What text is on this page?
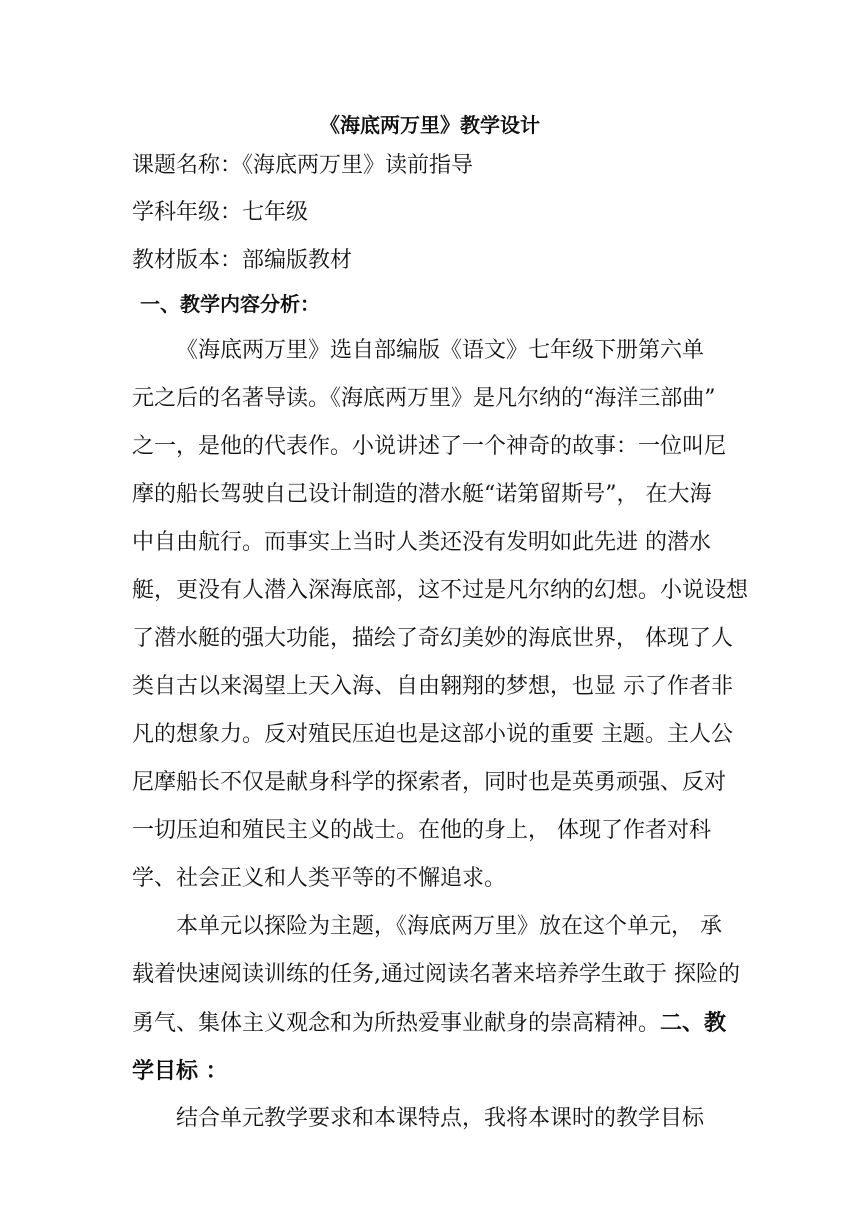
《海底两万里》教学设计
课题名称：《海底两万里》读前指导
学科年级：七年级
教材版本：部编版教材
一、教学内容分析：
《海底两万里》选自部编版《语文》七年级下册第六单
元之后的名著导读。《海底两万里》是凡尔纳的“海洋三部曲”
之一，是他的代表作。小说讲述了一个神奇的故事：一位叫尼
摩的船长驾驶自己设计制造的潜水艇“诺第留斯号”， 在大海
中自由航行。而事实上当时人类还没有发明如此先进 的潜水
艇，更没有人潜入深海底部，这不过是凡尔纳的幻想。小说设想
了潜水艇的强大功能，描绘了奇幻美妙的海底世界， 体现了人
类自古以来渴望上天入海、自由翱翔的梦想，也显 示了作者非
凡的想象力。反对殖民压迫也是这部小说的重要 主题。主人公
尼摩船长不仅是献身科学的探索者，同时也是英勇顽强、反对
一切压迫和殖民主义的战士。在他的身上， 体现了作者对科
学、社会正义和人类平等的不懈追求。
本单元以探险为主题，《海底两万里》放在这个单元， 承
载着快速阅读训练的任务,通过阅读名著来培养学生敢于 探险的
勇气、集体主义观念和为所热爱事业献身的崇高精神。二、教
学目标 ：
结合单元教学要求和本课特点，我将本课时的教学目标
